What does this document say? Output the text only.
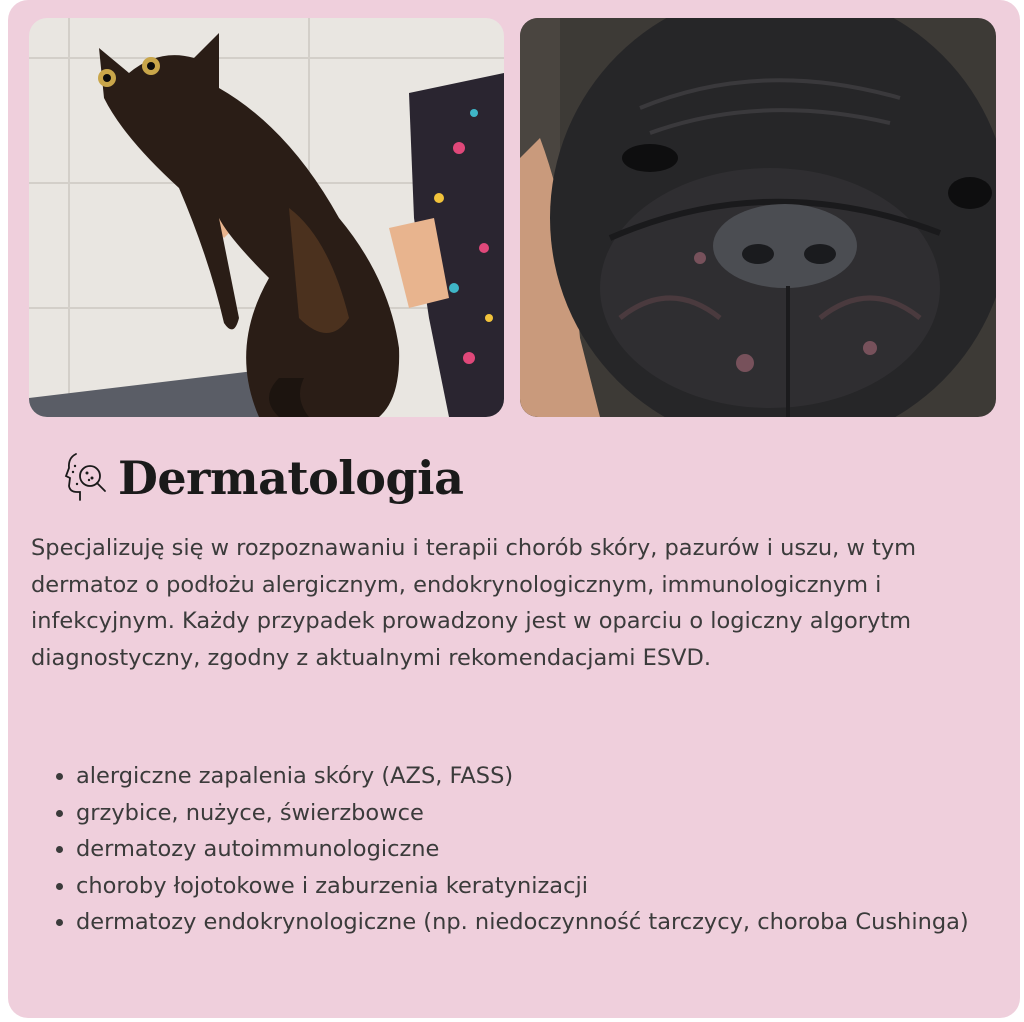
Dermatologia

Specjalizuję się w rozpoznawaniu i terapii chorób skóry, pazurów i uszu, w tym dermatoz o podłożu alergicznym, endokrynologicznym, immunologicznym i infekcyjnym. Każdy przypadek prowadzony jest w oparciu o logiczny algorytm diagnostyczny, zgodny z aktualnymi rekomendacjami ESVD.

alergiczne zapalenia skóry (AZS, FASS)
grzybice, nużyce, świerzbowce
dermatozy autoimmunologiczne
choroby łojotokowe i zaburzenia keratynizacji
dermatozy endokrynologiczne (np. niedoczynność tarczycy, choroba Cushinga)
